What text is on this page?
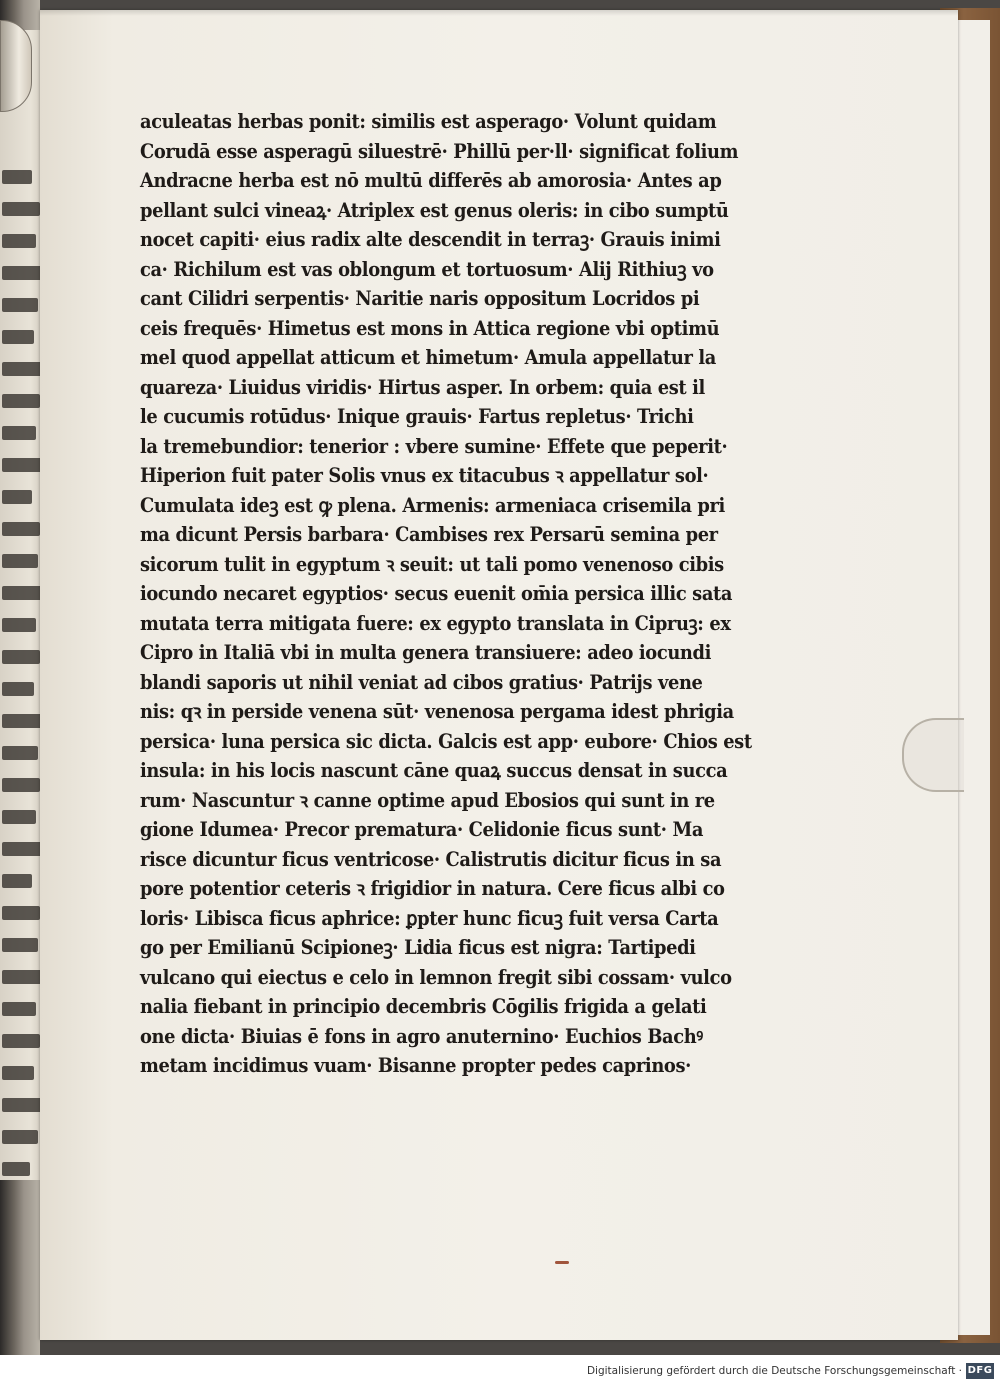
aculeatas herbas ponit: similis est asperago· Volunt quidam
Corudā esse asperagū siluestrē· Phillū per·ll· significat folium
Andracne herba est nō multū differēs ab amorosia· Antes ap
pellant sulci vineaꝝ· Atriplex est genus oleris: in cibo sumptū
nocet capiti· eius radix alte descendit in terraꝫ· Grauis inimi
ca· Richilum est vas oblongum et tortuosum· Alij Rithiuꝫ vo
cant Cilidri serpentis· Naritie naris oppositum Locridos pi
ceis frequēs· Himetus est mons in Attica regione vbi optimū
mel quod appellat atticum et himetum· Amula appellatur la
quareza· Liuidus viridis· Hirtus asper. In orbem: quia est il
le cucumis rotūdus· Inique grauis· Fartus repletus· Trichi
la tremebundior: tenerior : vbere sumine· Effete que peperit·
Hiperion fuit pater Solis vnus ex titacubus ꝛ appellatur sol·
Cumulata ideꝫ est ꝙ plena. Armenis: armeniaca crisemila pri
ma dicunt Persis barbara· Cambises rex Persarū semina per
sicorum tulit in egyptum ꝛ seuit: ut tali pomo venenoso cibis
iocundo necaret egyptios· secus euenit om̄ia persica illic sata
mutata terra mitigata fuere: ex egypto translata in Cipruꝫ: ex
Cipro in Italiā vbi in multa genera transiuere: adeo iocundi
blandi saporis ut nihil veniat ad cibos gratius· Patrijs vene
nis: qꝛ in perside venena sūt· venenosa pergama idest phrigia
persica· luna persica sic dicta. Galcis est app· eubore· Chios est
insula: in his locis nascunt cāne quaꝝ succus densat in succa
rum· Nascuntur ꝛ canne optime apud Ebosios qui sunt in re
gione Idumea· Precor prematura· Celidonie ficus sunt· Ma
risce dicuntur ficus ventricose· Calistrutis dicitur ficus in sa
pore potentior ceteris ꝛ frigidior in natura. Cere ficus albi co
loris· Libisca ficus aphrice: ꝑpter hunc ficuꝫ fuit versa Carta
go per Emilianū Scipioneꝫ· Lidia ficus est nigra: Tartipedi
vulcano qui eiectus e celo in lemnon fregit sibi cossam· vulco
nalia fiebant in principio decembris Cōgilis frigida a gelati
one dicta· Biuias ē fons in agro anuternino· Euchios Bachꝰ
metam incidimus vuam· Bisanne propter pedes caprinos·
Digitalisierung gefördert durch die Deutsche Forschungsgemeinschaft · DFG
